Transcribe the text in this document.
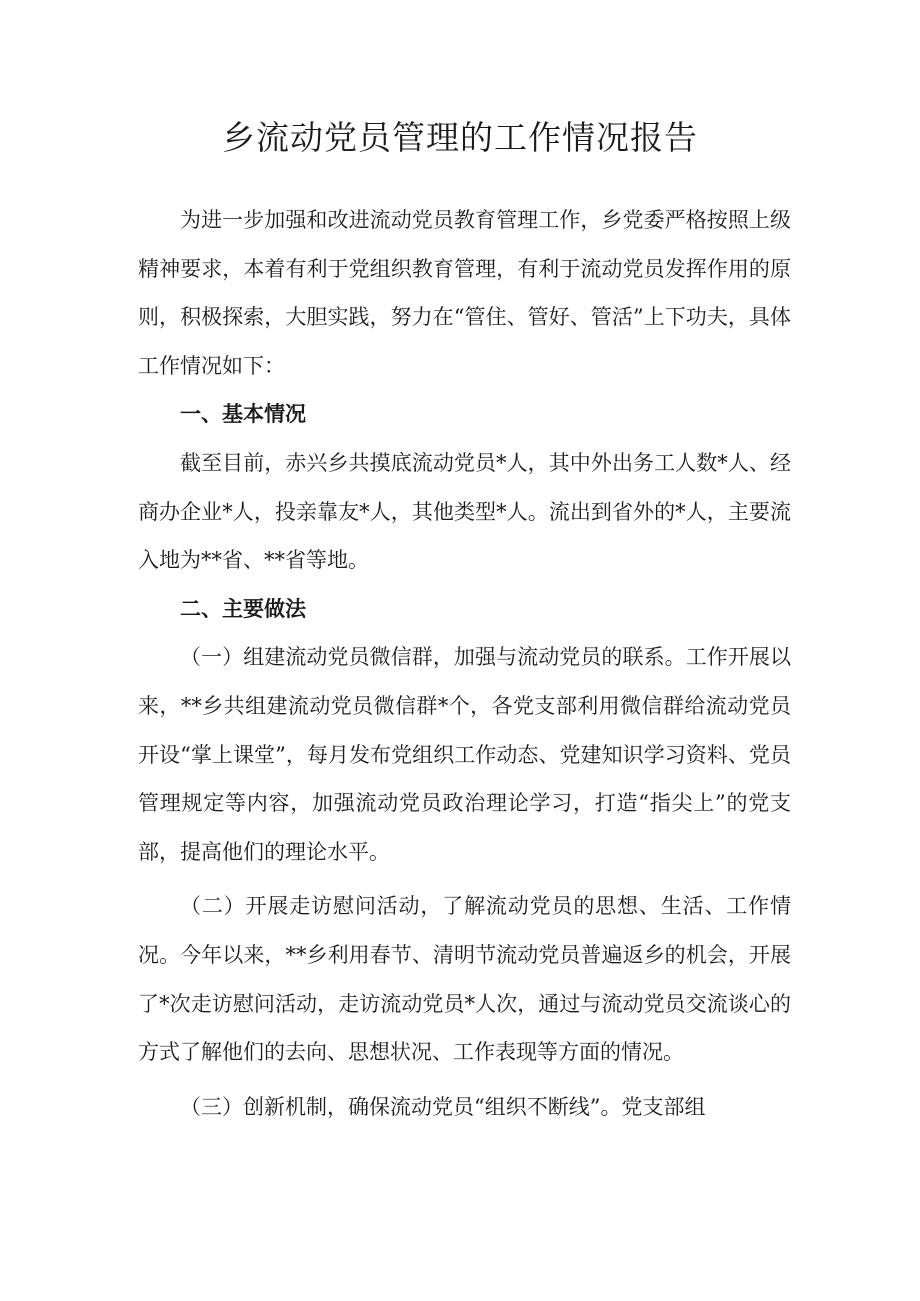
乡流动党员管理的工作情况报告

为进一步加强和改进流动党员教育管理工作，乡党委严格按照上级精神要求，本着有利于党组织教育管理，有利于流动党员发挥作用的原则，积极探索，大胆实践，努力在“管住、管好、管活”上下功夫，具体工作情况如下：

一、基本情况

截至目前，赤兴乡共摸底流动党员*人，其中外出务工人数*人、经商办企业*人，投亲靠友*人，其他类型*人。流出到省外的*人，主要流入地为**省、**省等地。

二、主要做法

（一）组建流动党员微信群，加强与流动党员的联系。工作开展以来，**乡共组建流动党员微信群*个，各党支部利用微信群给流动党员开设“掌上课堂”，每月发布党组织工作动态、党建知识学习资料、党员管理规定等内容，加强流动党员政治理论学习，打造“指尖上”的党支部，提高他们的理论水平。

（二）开展走访慰问活动，了解流动党员的思想、生活、工作情况。今年以来，**乡利用春节、清明节流动党员普遍返乡的机会，开展了*次走访慰问活动，走访流动党员*人次，通过与流动党员交流谈心的方式了解他们的去向、思想状况、工作表现等方面的情况。

（三）创新机制，确保流动党员“组织不断线”。党支部组
